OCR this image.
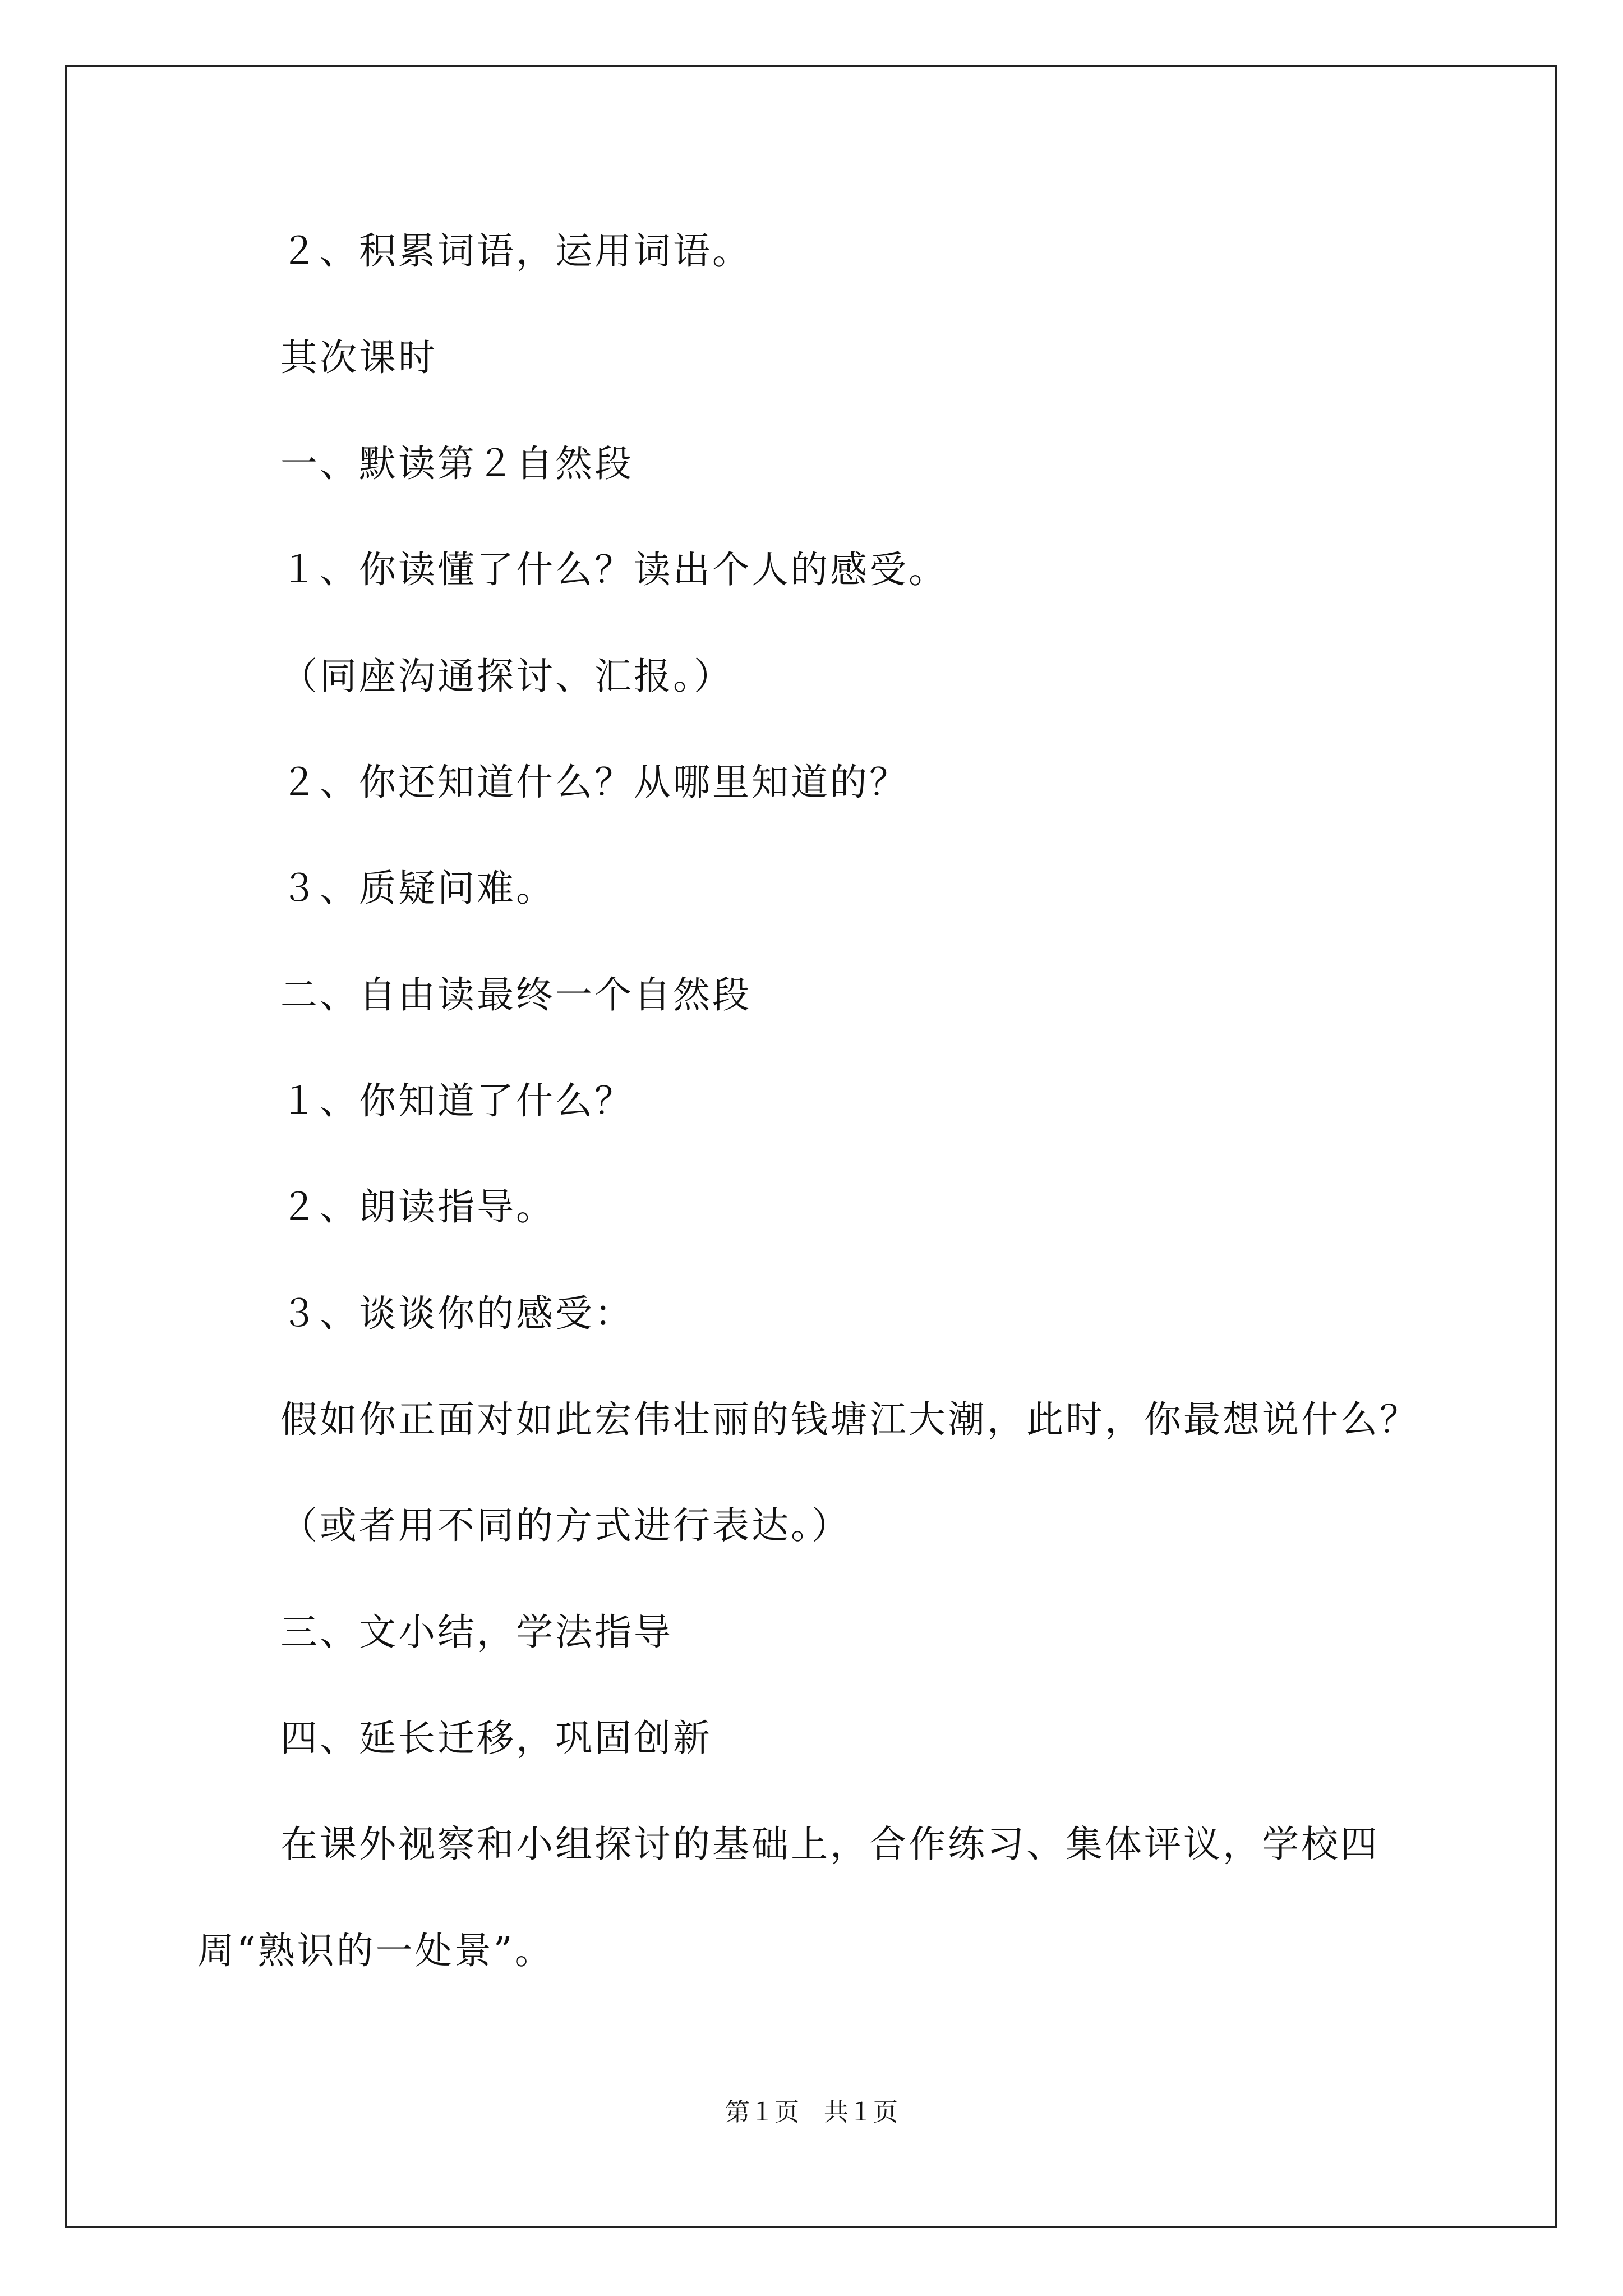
２、积累词语，运用词语。
其次课时
一、默读第２自然段
１、你读懂了什么？读出个人的感受。
（同座沟通探讨、汇报。）
２、你还知道什么？从哪里知道的？
３、质疑问难。
二、自由读最终一个自然段
１、你知道了什么？
２、朗读指导。
３、谈谈你的感受：
假如你正面对如此宏伟壮丽的钱塘江大潮，此时，你最想说什么？
（或者用不同的方式进行表达。）
三、文小结，学法指导
四、延长迁移，巩固创新
在课外视察和小组探讨的基础上，合作练习、集体评议，学校四
周“熟识的一处景”。
第１页　共１页
